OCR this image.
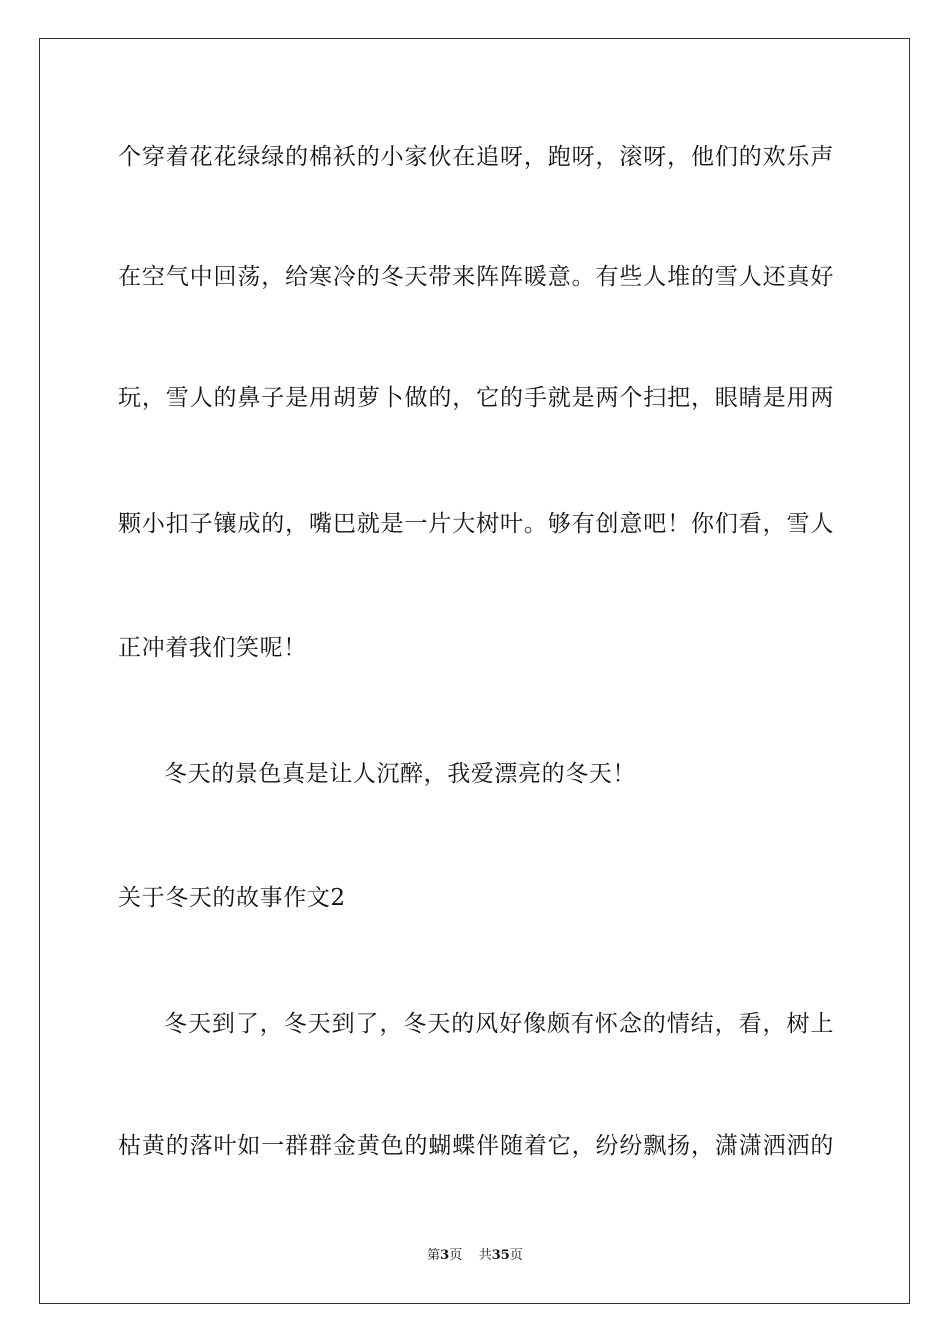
个穿着花花绿绿的棉袄的小家伙在追呀，跑呀，滚呀，他们的欢乐声
在空气中回荡，给寒冷的冬天带来阵阵暖意。有些人堆的雪人还真好
玩，雪人的鼻子是用胡萝卜做的，它的手就是两个扫把，眼睛是用两
颗小扣子镶成的，嘴巴就是一片大树叶。够有创意吧！你们看，雪人
正冲着我们笑呢！
冬天的景色真是让人沉醉，我爱漂亮的冬天！
关于冬天的故事作文2
冬天到了，冬天到了，冬天的风好像颇有怀念的情结，看，树上
枯黄的落叶如一群群金黄色的蝴蝶伴随着它，纷纷飘扬，潇潇洒洒的
第3页 共35页
